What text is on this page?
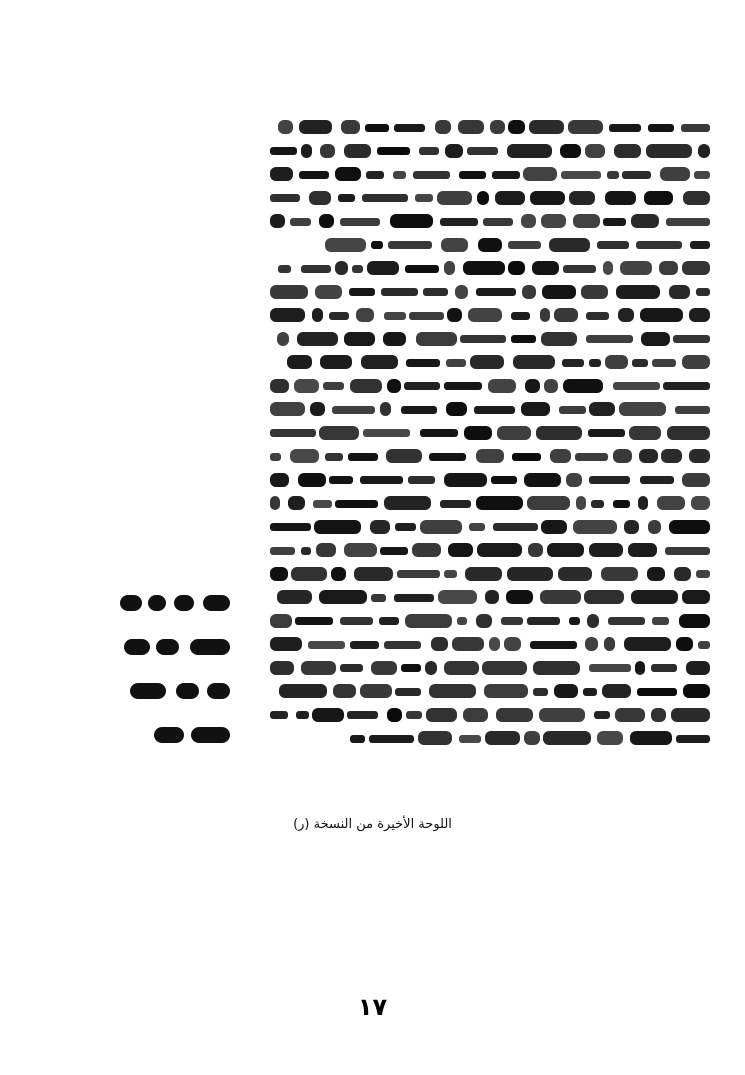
اللوحة الأخيرة من النسخة (ر)
١٧
